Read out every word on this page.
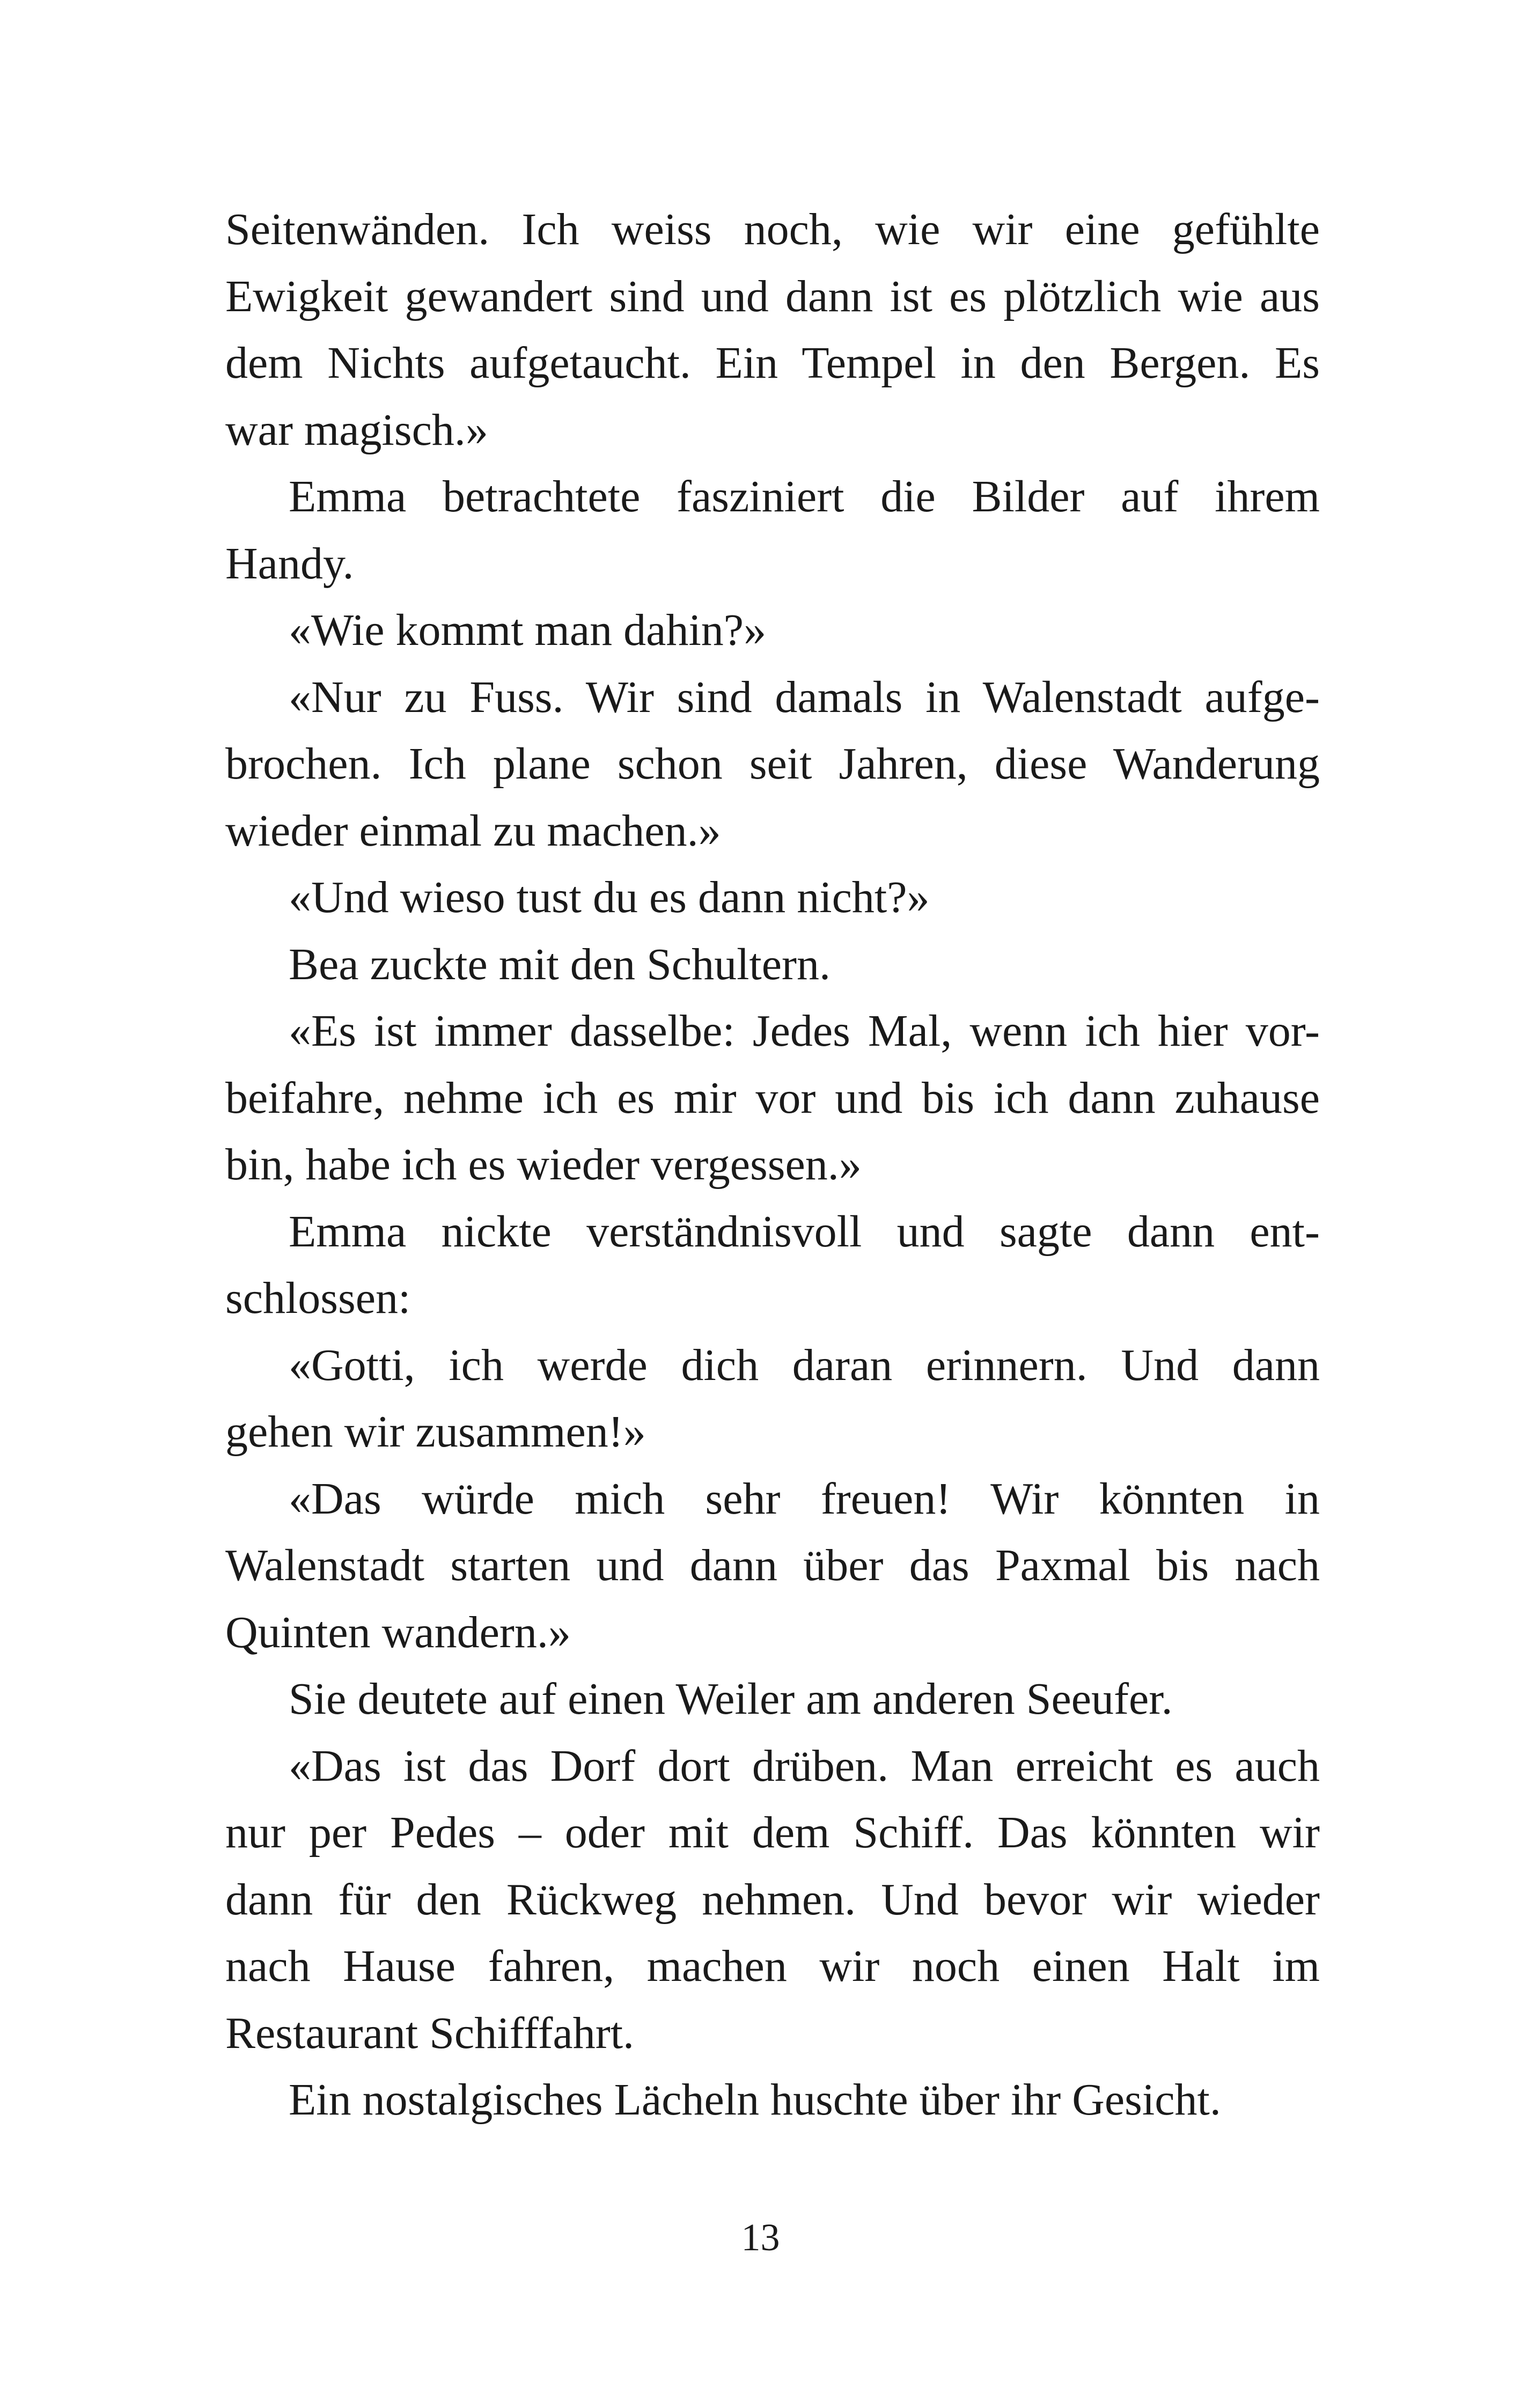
Seitenwänden. Ich weiss noch, wie wir eine gefühlte
Ewigkeit gewandert sind und dann ist es plötzlich wie aus
dem Nichts aufgetaucht. Ein Tempel in den Bergen. Es
war magisch.»
Emma betrachtete fasziniert die Bilder auf ihrem
Handy.
«Wie kommt man dahin?»
«Nur zu Fuss. Wir sind damals in Walenstadt aufge-
brochen. Ich plane schon seit Jahren, diese Wanderung
wieder einmal zu machen.»
«Und wieso tust du es dann nicht?»
Bea zuckte mit den Schultern.
«Es ist immer dasselbe: Jedes Mal, wenn ich hier vor-
beifahre, nehme ich es mir vor und bis ich dann zuhause
bin, habe ich es wieder vergessen.»
Emma nickte verständnisvoll und sagte dann ent-
schlossen:
«Gotti, ich werde dich daran erinnern. Und dann
gehen wir zusammen!»
«Das würde mich sehr freuen! Wir könnten in
Walenstadt starten und dann über das Paxmal bis nach
Quinten wandern.»
Sie deutete auf einen Weiler am anderen Seeufer.
«Das ist das Dorf dort drüben. Man erreicht es auch
nur per Pedes – oder mit dem Schiff. Das könnten wir
dann für den Rückweg nehmen. Und bevor wir wieder
nach Hause fahren, machen wir noch einen Halt im
Restaurant Schifffahrt.
Ein nostalgisches Lächeln huschte über ihr Gesicht.
13
